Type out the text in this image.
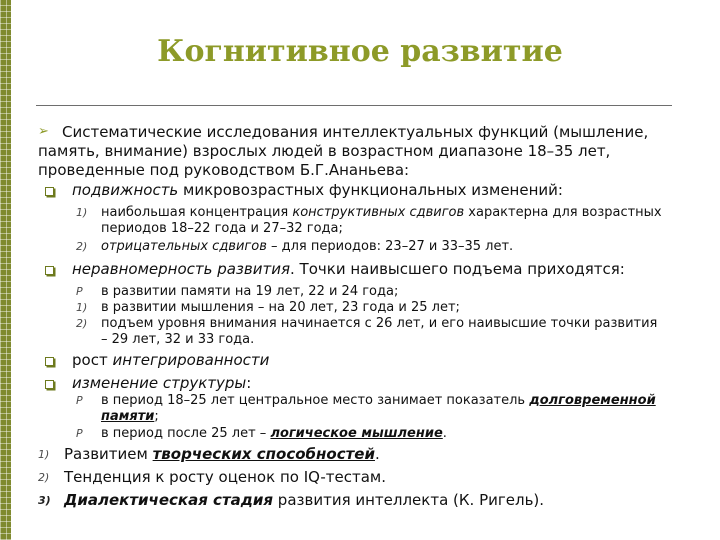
Когнитивное развитие
➢ Систематические исследования интеллектуальных функций (мышление,
память, внимание) взрослых людей в возрастном диапазоне 18–35 лет,
проведенные под руководством Б.Г.Ананьева:
подвижность микровозрастных функциональных изменений:
1) наибольшая концентрация конструктивных сдвигов характерна для возрастных
периодов 18–22 года и 27–32 года;
2) отрицательных сдвигов – для периодов: 23–27 и 33–35 лет.
неравномерность развития. Точки наивысшего подъема приходятся:
P в развитии памяти на 19 лет, 22 и 24 года;
1) в развитии мышления – на 20 лет, 23 года и 25 лет;
2) подъем уровня внимания начинается с 26 лет, и его наивысшие точки развития
– 29 лет, 32 и 33 года.
рост интегрированности
изменение структуры:
P в период 18–25 лет центральное место занимает показатель долговременной
памяти;
P в период после 25 лет – логическое мышление.
1) Развитием творческих способностей.
2) Тенденция к росту оценок по IQ-тестам.
3) Диалектическая стадия развития интеллекта (К. Ригель).
